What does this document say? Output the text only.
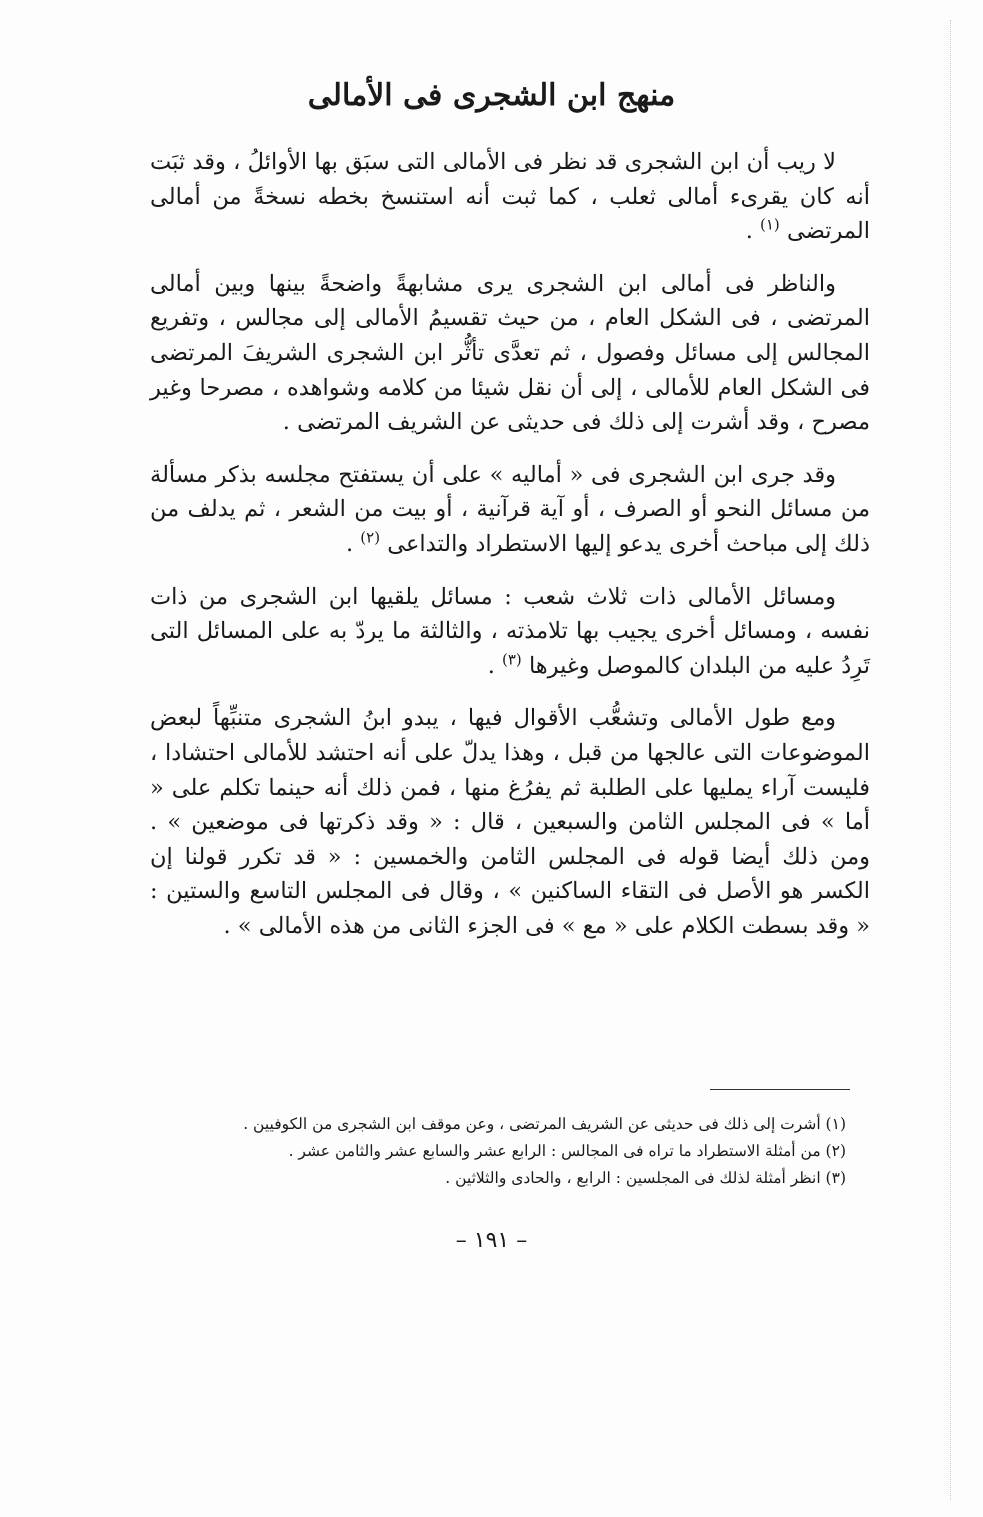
منهج ابن الشجرى فى الأمالى

لا ريب أن ابن الشجرى قد نظر فى الأمالى التى سبَق بها الأوائلُ ، وقد ثبَت أنه كان يقرىء أمالى ثعلب ، كما ثبت أنه استنسخ بخطه نسخةً من أمالى المرتضى $^{(١)}$ .

والناظر فى أمالى ابن الشجرى يرى مشابهةً واضحةً بينها وبين أمالى المرتضى ، فى الشكل العام ، من حيث تقسيمُ الأمالى إلى مجالس ، وتفريع المجالس إلى مسائل وفصول ، ثم تعدَّى تأثُّر ابن الشجرى الشريفَ المرتضى فى الشكل العام للأمالى ، إلى أن نقل شيئا من كلامه وشواهده ، مصرحا وغير مصرح ، وقد أشرت إلى ذلك فى حديثى عن الشريف المرتضى .

وقد جرى ابن الشجرى فى « أماليه » على أن يستفتح مجلسه بذكر مسألة من مسائل النحو أو الصرف ، أو آية قرآنية ، أو بيت من الشعر ، ثم يدلف من ذلك إلى مباحث أخرى يدعو إليها الاستطراد والتداعى $^{(٢)}$ .

ومسائل الأمالى ذات ثلاث شعب : مسائل يلقيها ابن الشجرى من ذات نفسه ، ومسائل أخرى يجيب بها تلامذته ، والثالثة ما يردّ به على المسائل التى تَرِدُ عليه من البلدان كالموصل وغيرها $^{(٣)}$ .

ومع طول الأمالى وتشعُّب الأقوال فيها ، يبدو ابنُ الشجرى متنبِّهاً لبعض الموضوعات التى عالجها من قبل ، وهذا يدلّ على أنه احتشد للأمالى احتشادا ، فليست آراء يمليها على الطلبة ثم يفرُغ منها ، فمن ذلك أنه حينما تكلم على « أما » فى المجلس الثامن والسبعين ، قال : « وقد ذكرتها فى موضعين » . ومن ذلك أيضا قوله فى المجلس الثامن والخمسين : « قد تكرر قولنا إن الكسر هو الأصل فى التقاء الساكنين » ، وقال فى المجلس التاسع والستين : « وقد بسطت الكلام على « مع » فى الجزء الثانى من هذه الأمالى » .

(١) أشرت إلى ذلك فى حديثى عن الشريف المرتضى ، وعن موقف ابن الشجرى من الكوفيين .
(٢) من أمثلة الاستطراد ما تراه فى المجالس : الرابع عشر والسابع عشر والثامن عشر .
(٣) انظر أمثلة لذلك فى المجلسين : الرابع ، والحادى والثلاثين .
– ١٩١ –
